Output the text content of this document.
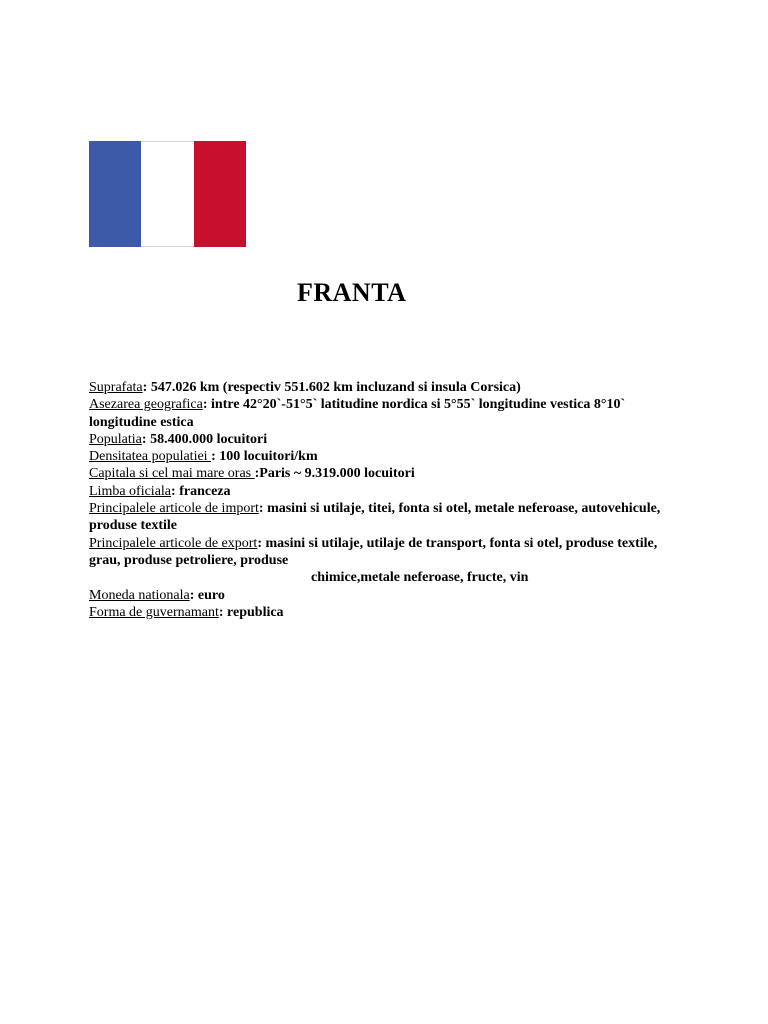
FRANTA

Suprafata: 547.026 km (respectiv 551.602 km incluzand si insula Corsica)

Asezarea geografica: intre 42°20`-51°5` latitudine nordica si 5°55` longitudine vestica 8°10` longitudine estica

Populatia: 58.400.000 locuitori

Densitatea populatiei : 100 locuitori/km

Capitala si cel mai mare oras :Paris ~ 9.319.000 locuitori

Limba oficiala: franceza

Principalele articole de import: masini si utilaje, titei, fonta si otel, metale neferoase, autovehicule, produse textile

Principalele articole de export: masini si utilaje, utilaje de transport, fonta si otel, produse textile, grau, produse petroliere, produse
chimice,metale neferoase, fructe, vin

Moneda nationala: euro

Forma de guvernamant: republica
